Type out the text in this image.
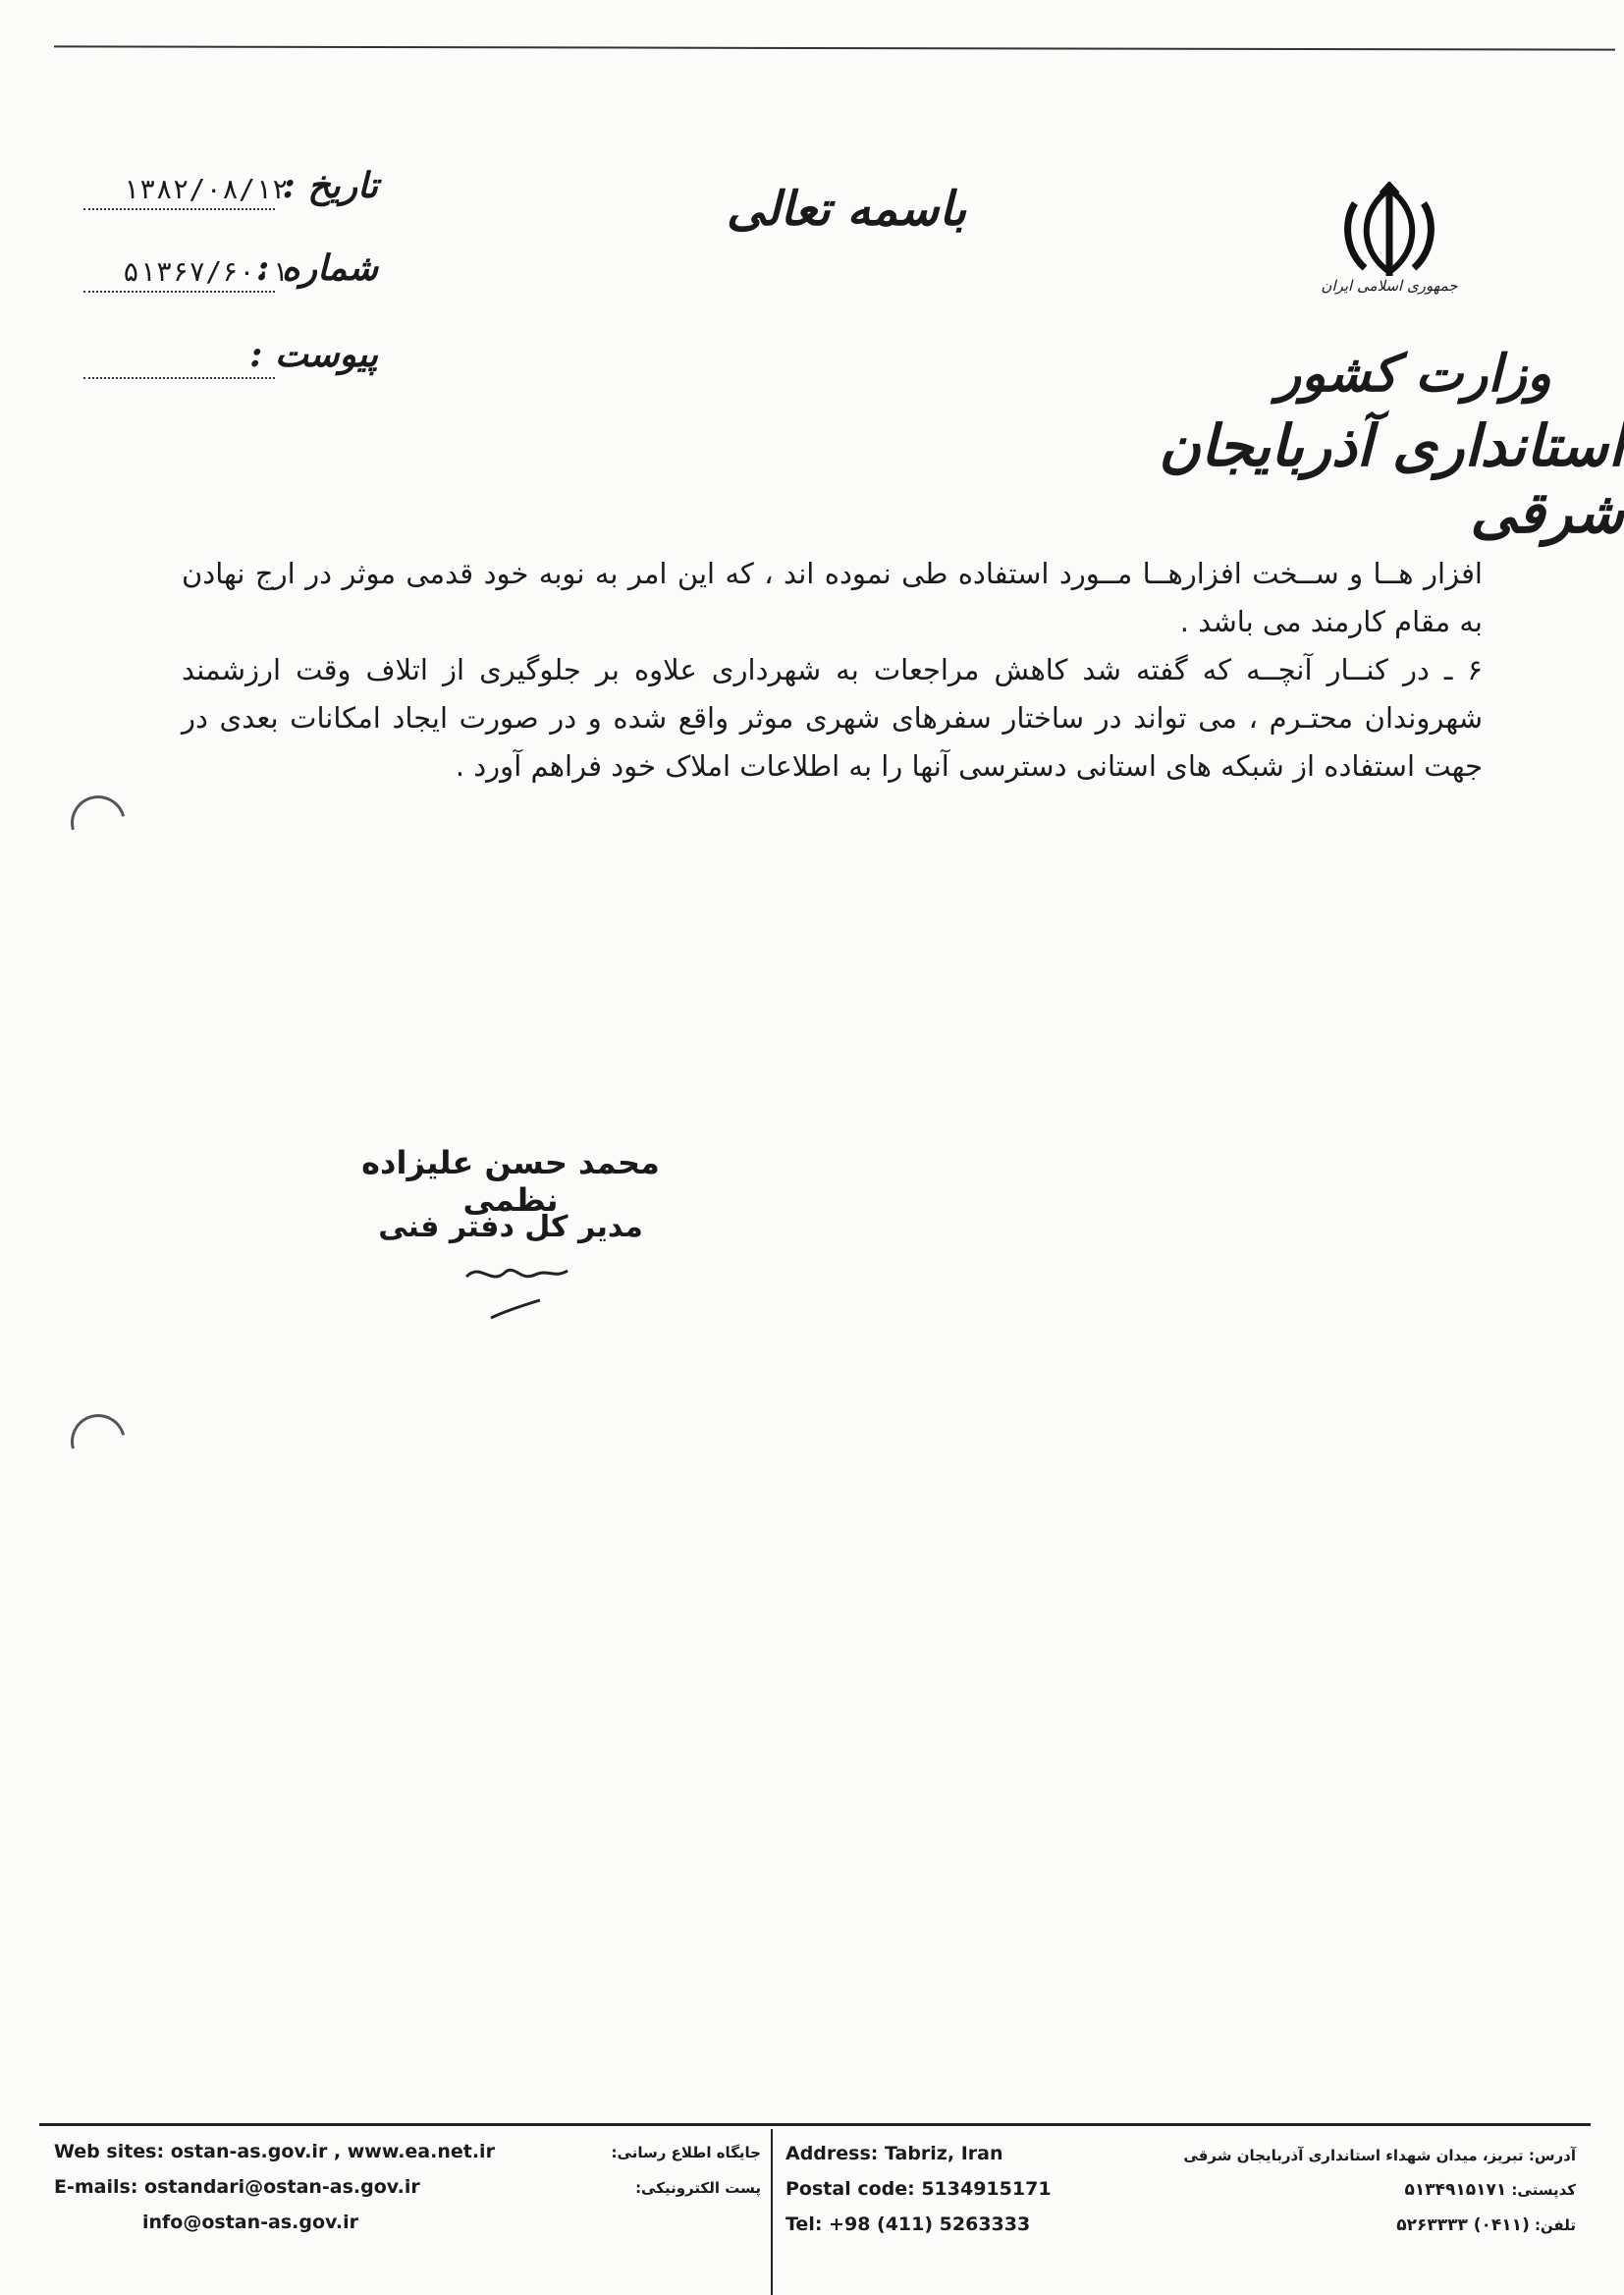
جمهوری اسلامی ایران
وزارت کشور
استانداری آذربایجان شرقی
باسمه تعالی
تاریخ :
۱۳۸۲/۰۸/۱۲
شماره :
۵۱۳۶۷/۶۰۰۱
پیوست :

افزار هــا و ســخت افزارهــا مــورد استفاده طی نموده اند ، که این امر به نوبه خود قدمی موثر در ارج نهادن به مقام کارمند می باشد .

۶ ـ در کنــار آنچــه که گفته شد کاهش مراجعات به شهرداری علاوه بر جلوگیری از اتلاف وقت ارزشمند شهروندان محتـرم ، می تواند در ساختار سفرهای شهری موثر واقع شده و در صورت ایجاد امکانات بعدی در جهت استفاده از شبکه های استانی دسترسی آنها را به اطلاعات املاک خود فراهم آورد .

محمد حسن علیزاده نظمی
مدیر کل دفتر فنی
Web sites: ostan-as.gov.ir , www.ea.net.ir	جایگاه اطلاع رسانی:
E-mails: ostandari@ostan-as.gov.ir	پست الکترونیکی:
info@ostan-as.gov.ir
Address: Tabriz, Iran
Postal code: 5134915171
Tel: +98 (411) 5263333
آدرس: تبریز، میدان شهداء استانداری آذربایجان شرقی
کدپستی: ۵۱۳۴۹۱۵۱۷۱
تلفن: (۰۴۱۱) ۵۲۶۳۳۳۳
